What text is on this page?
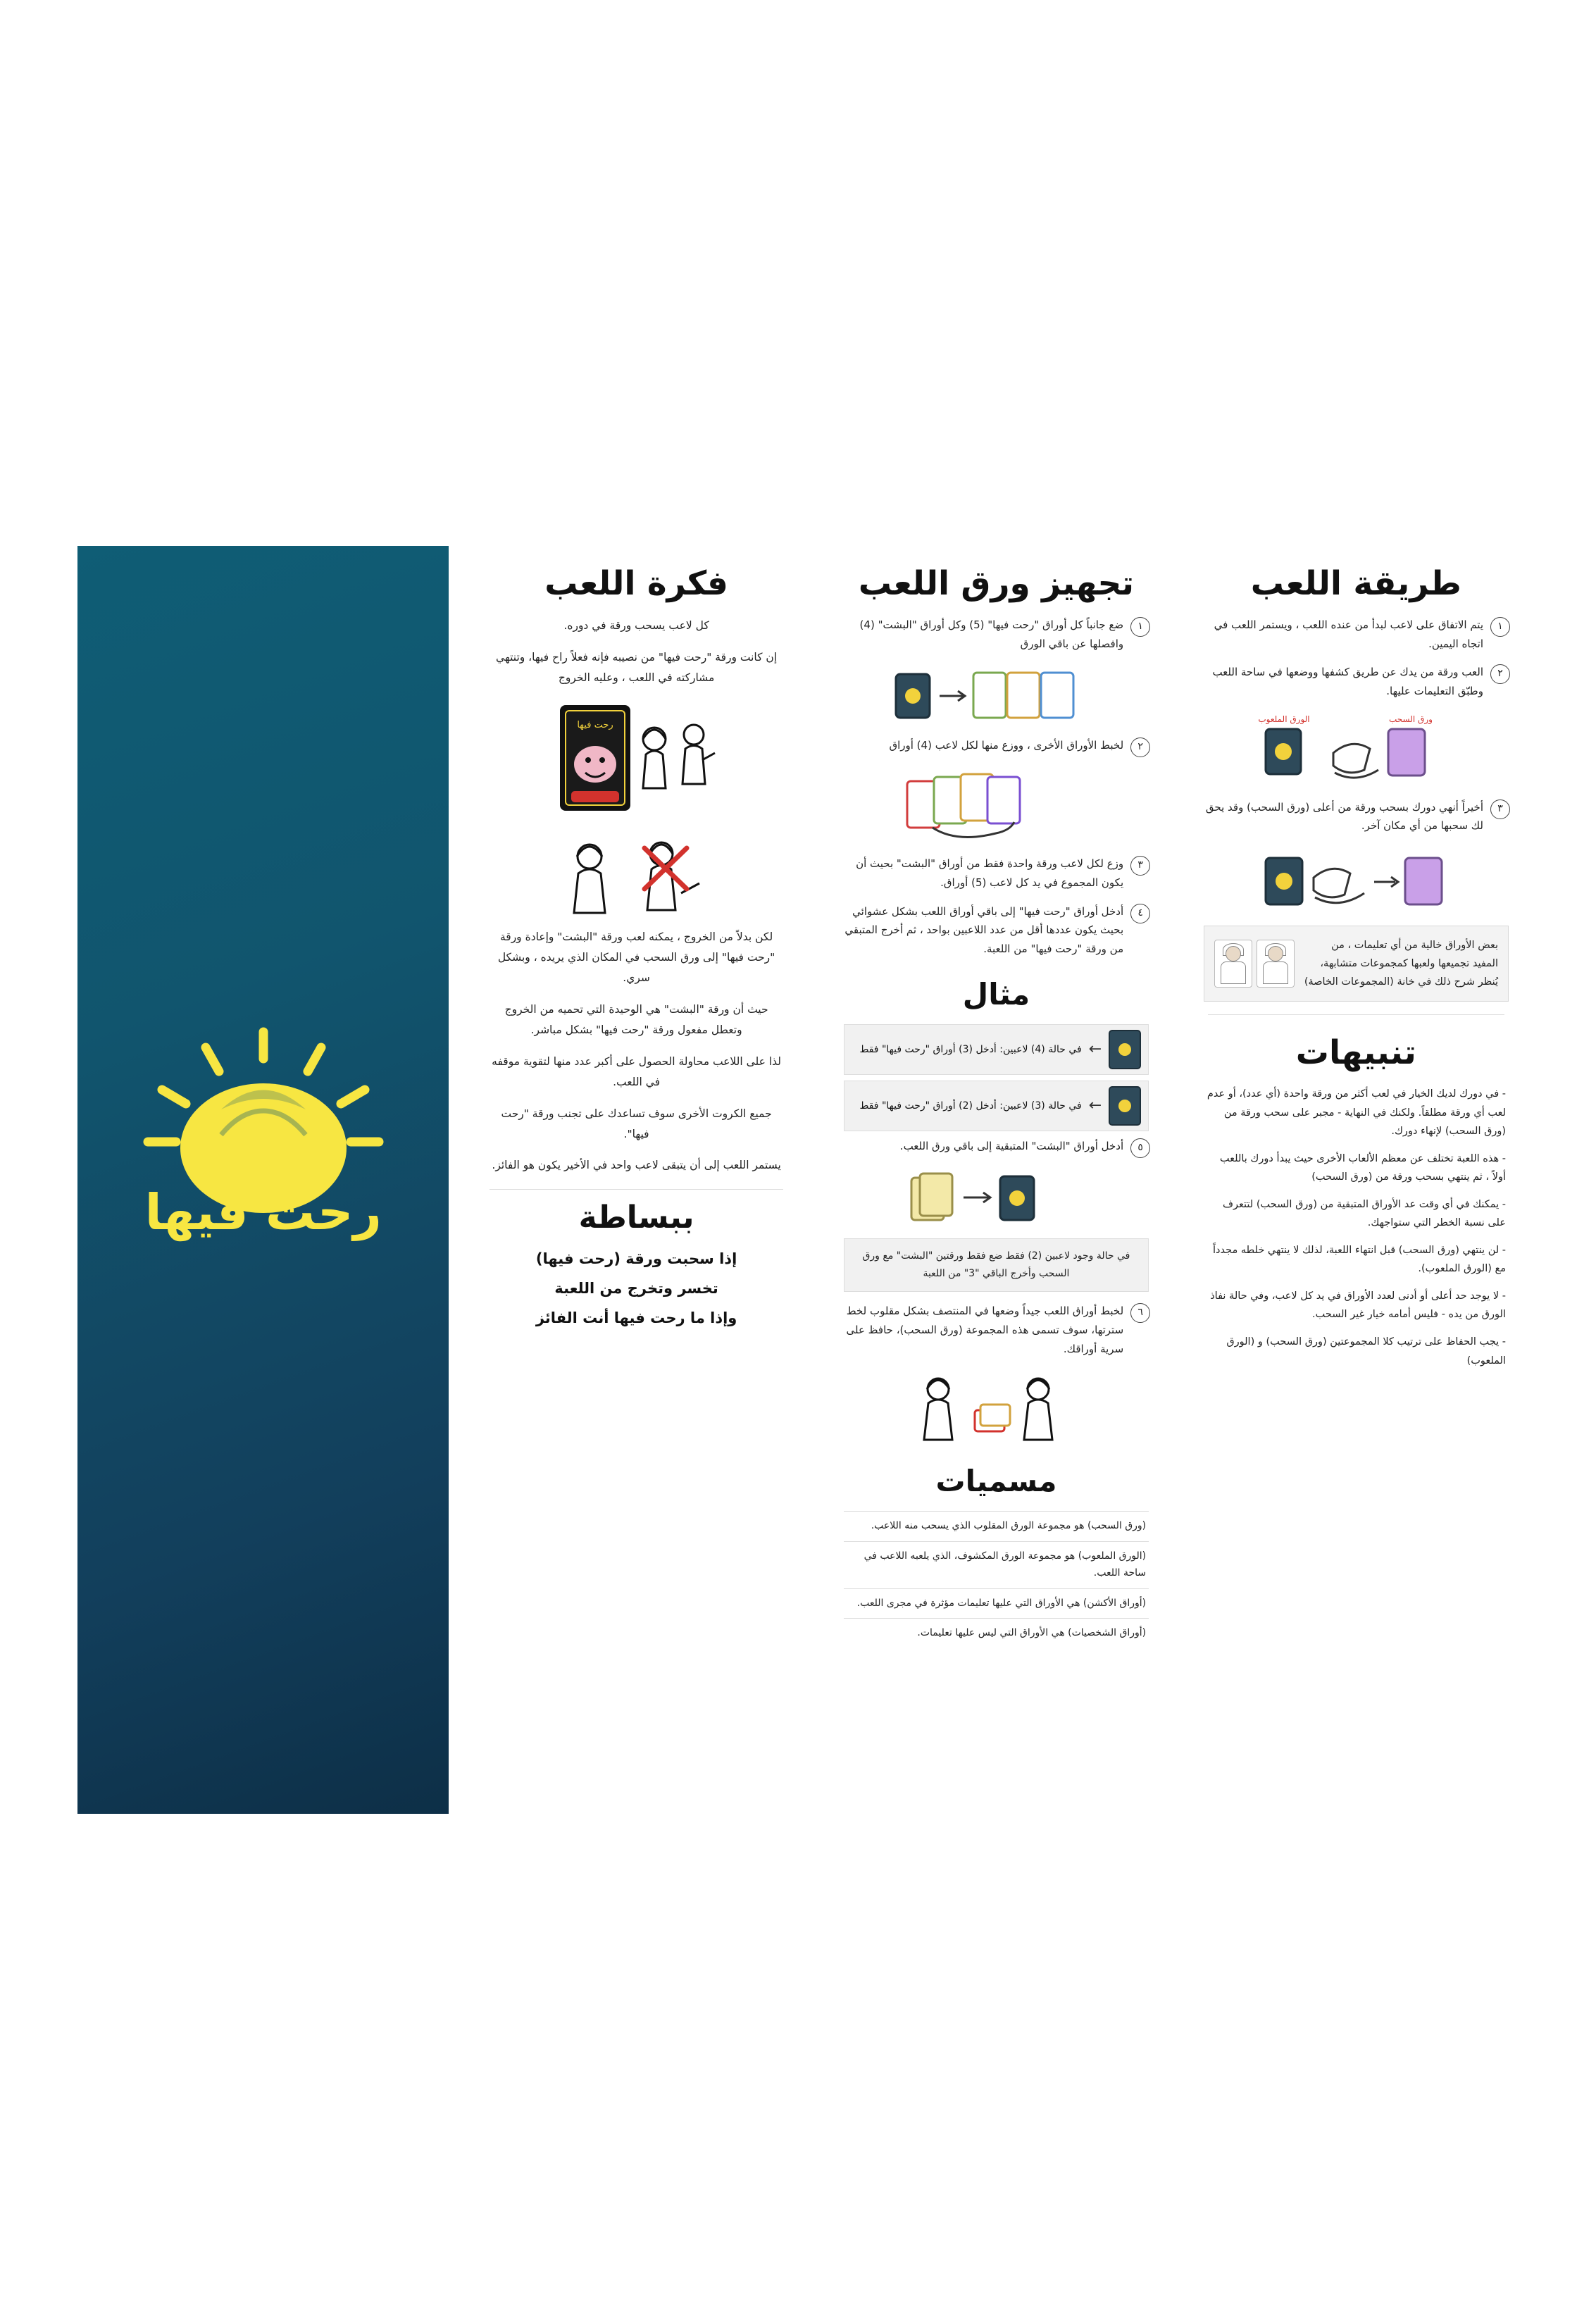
رحت فيها
فكرة اللعب
كل لاعب يسحب ورقة في دوره.
إن كانت ورقة "رحت فيها" من نصيبه فإنه فعلاً راح فيها، وتنتهي مشاركته في اللعب ، وعليه الخروج
رحت فيها
لكن بدلاً من الخروج ، يمكنه لعب ورقة "البشت" وإعادة ورقة "رحت فيها" إلى ورق السحب في المكان الذي يريده ، وبشكل سري.
حيث أن ورقة "البشت" هي الوحيدة التي تحميه من الخروج وتعطل مفعول ورقة "رحت فيها" بشكل مباشر.
لذا على اللاعب محاولة الحصول على أكبر عدد منها لتقوية موقفه في اللعب.
جميع الكروت الأخرى سوف تساعدك على تجنب ورقة "رحت فيها".
يستمر اللعب إلى أن يتبقى لاعب واحد في الأخير يكون هو الفائز.
ببساطة
إذا سحبت ورقة (رحت فيها)
تخسر وتخرج من اللعبة
وإذا ما رحت فيها أنت الفائز
تجهيز ورق اللعب
١
ضع جانباً كل أوراق "رحت فيها" (5) وكل أوراق "البشت" (4) وافصلها عن باقي الورق
٢
لخبط الأوراق الأخرى ، ووزع منها لكل لاعب (4) أوراق
٣
وزع لكل لاعب ورقة واحدة فقط من أوراق "البشت" بحيث أن يكون المجموع في يد كل لاعب (5) أوراق.
٤
أدخل أوراق "رحت فيها" إلى باقي أوراق اللعب بشكل عشوائي بحيث يكون عددها أقل من عدد اللاعبين بواحد ، ثم أخرج المتبقي من ورقة "رحت فيها" من اللعبة.
مثال
←
في حالة (4) لاعبين: أدخل (3) أوراق "رحت فيها" فقط
←
في حالة (3) لاعبين: أدخل (2) أوراق "رحت فيها" فقط
٥
أدخل أوراق "البشت" المتبقية إلى باقي ورق اللعب.
في حالة وجود لاعبين (2) فقط ضع فقط ورقتين "البشت" مع ورق السحب وأخرج الباقي "3" من اللعبة
٦
لخبط أوراق اللعب جيداً وضعها في المنتصف بشكل مقلوب لخط سترتها، سوف تسمى هذه المجموعة (ورق السحب)، حافظ على سرية أوراقك.
مسميات
(ورق السحب) هو مجموعة الورق المقلوب الذي يسحب منه اللاعب.
(الورق الملعوب) هو مجموعة الورق المكشوف، الذي يلعبه اللاعب في ساحة اللعب.
(أوراق الأكشن) هي الأوراق التي عليها تعليمات مؤثرة في مجرى اللعب.
(أوراق الشخصيات) هي الأوراق التي ليس عليها تعليمات.
طريقة اللعب
١
يتم الاتفاق على لاعب لبدأ من عنده اللعب ، ويستمر اللعب في اتجاه اليمين.
٢
العب ورقة من يدك عن طريق كشفها ووضعها في ساحة اللعب وطبّق التعليمات عليها.
الورق الملعوب	ورق السحب
٣
أخيراً أنهي دورك بسحب ورقة من أعلى (ورق السحب) وقد يحق لك سحبها من أي مكان آخر.
بعض الأوراق خالية من أي تعليمات ، من المفيد تجميعها ولعبها كمجموعات متشابهة، يُنظر شرح ذلك في خانة (المجموعات الخاصة)
تنبيهات
- في دورك لديك الخيار في لعب أكثر من ورقة واحدة (أي عدد)، أو عدم لعب أي ورقة مطلقاً. ولكنك في النهاية - مجبر على سحب ورقة من (ورق السحب) لإنهاء دورك.
- هذه اللعبة تختلف عن معظم الألعاب الأخرى حيث يبدأ دورك باللعب أولاً ، ثم ينتهي بسحب ورقة من (ورق السحب)
- يمكنك في أي وقت عد الأوراق المتبقية من (ورق السحب) لتتعرف على نسبة الخطر التي ستواجهك.
- لن ينتهي (ورق السحب) قبل انتهاء اللعبة، لذلك لا ينتهي خلطه مجدداً مع (الورق الملعوب).
- لا يوجد حد أعلى أو أدنى لعدد الأوراق في يد كل لاعب، وفي حالة نفاذ الورق من يده - فليس أمامه خيار غير السحب.
- يجب الحفاظ على ترتيب كلا المجموعتين (ورق السحب) و (الورق الملعوب)
